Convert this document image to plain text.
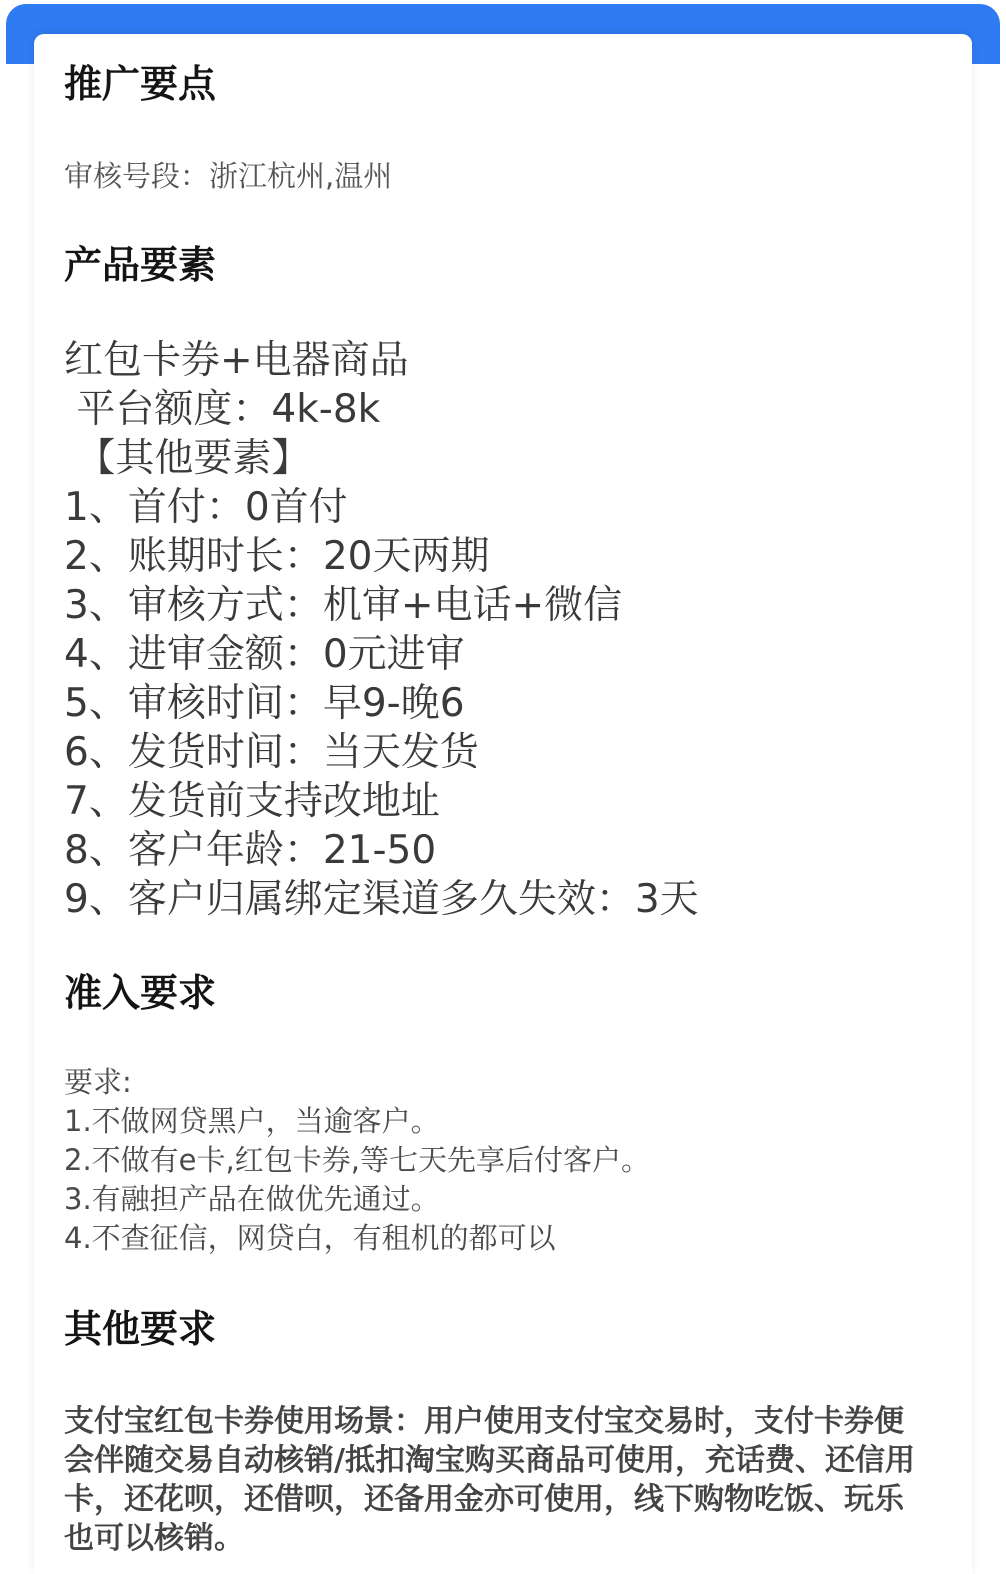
推广要点
审核号段：浙江杭州,温州
产品要素
红包卡券+电器商品
平台额度：4k-8k
【其他要素】
1、首付：0首付
2、账期时长：20天两期
3、审核方式：机审+电话+微信
4、进审金额：0元进审
5、审核时间：早9-晚6
6、发货时间：当天发货
7、发货前支持改地址
8、客户年龄：21-50
9、客户归属绑定渠道多久失效：3天
准入要求
要求:
1.不做网贷黑户，当逾客户。
2.不做有e卡,红包卡券,等七天先享后付客户。
3.有融担产品在做优先通过。
4.不查征信，网贷白，有租机的都可以
其他要求
支付宝红包卡券使用场景：用户使用支付宝交易时，支付卡券便会伴随交易自动核销/抵扣淘宝购买商品可使用，充话费、还信用卡，还花呗，还借呗，还备用金亦可使用，线下购物吃饭、玩乐也可以核销。
